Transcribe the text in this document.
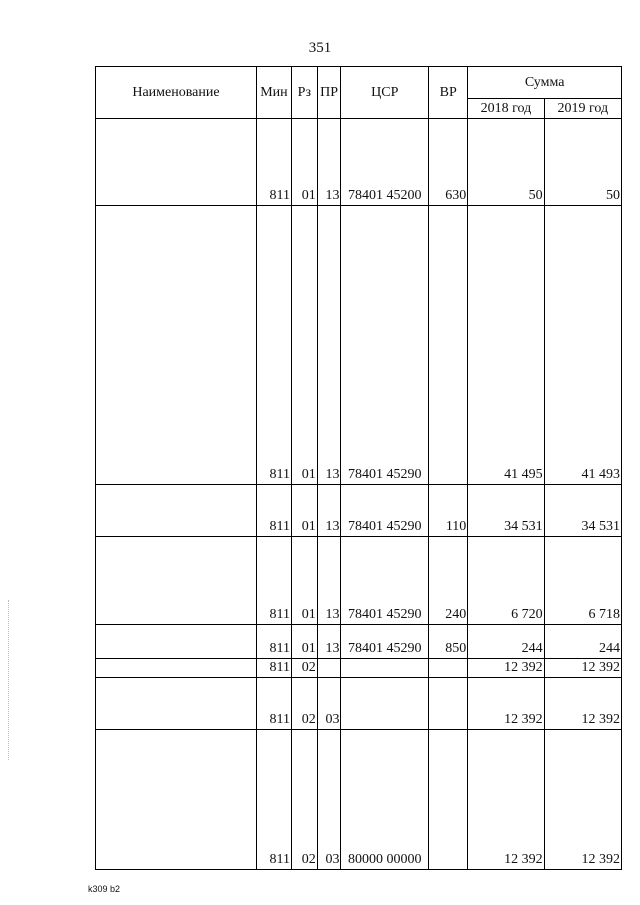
351
Наименование	Мин	Рз	ПР	ЦСР	ВР	Сумма	
						2018 год	2019 год
	811	01	13	78401 45200	630	50	50
	811	01	13	78401 45290		41 495	41 493
	811	01	13	78401 45290	110	34 531	34 531
	811	01	13	78401 45290	240	6 720	6 718
	811	01	13	78401 45290	850	244	244
	811	02				12 392	12 392
	811	02	03			12 392	12 392
	811	02	03	80000 00000		12 392	12 392
k309 b2
